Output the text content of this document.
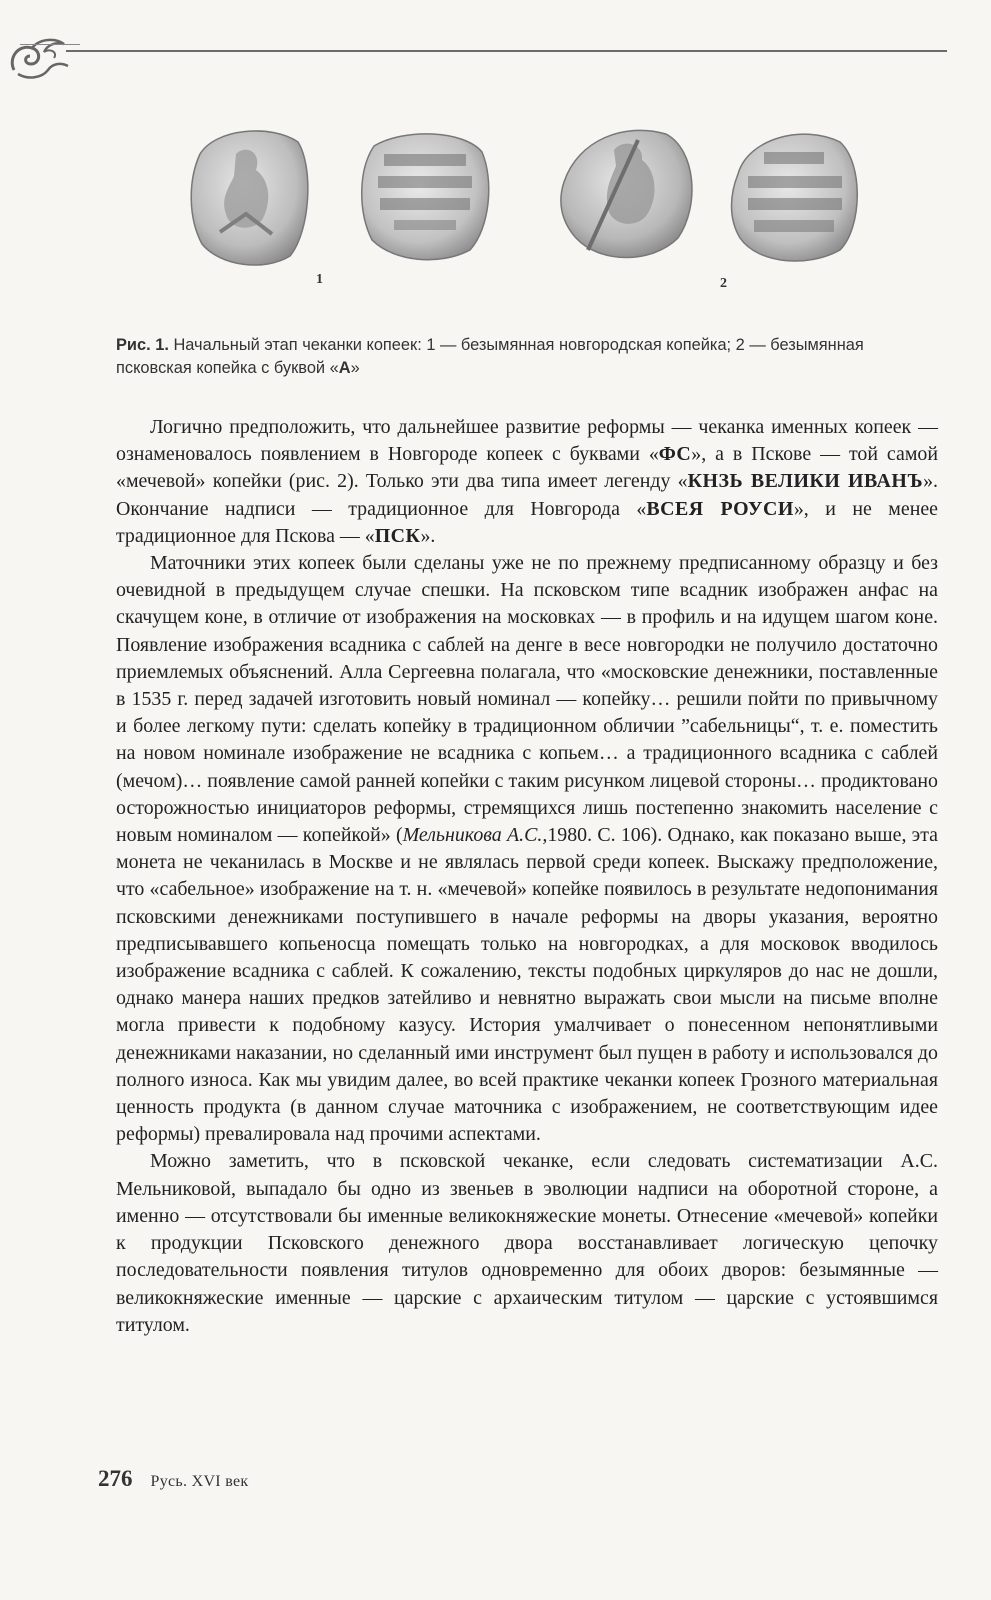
1	2
Рис. 1. Начальный этап чеканки копеек: 1 — безымянная новгородская копейка; 2 — безымянная псковская копейка с буквой «А»

Логично предположить, что дальнейшее развитие реформы — чеканка именных копеек — ознаменовалось появлением в Новгороде копеек с буквами «ФС», а в Пскове — той самой «мечевой» копейки (рис. 2). Только эти два типа имеет легенду «КНЗЬ ВЕЛИКИ ИВАНЪ». Окончание надписи — традиционное для Новгорода «ВСЕЯ РОУСИ», и не менее традиционное для Пскова — «ПСК».

Маточники этих копеек были сделаны уже не по прежнему предписанному образцу и без очевидной в предыдущем случае спешки. На псковском типе всадник изображен анфас на скачущем коне, в отличие от изображения на московках — в профиль и на идущем шагом коне. Появление изображения всадника с саблей на денге в весе новгородки не получило достаточно приемлемых объяснений. Алла Сергеевна полагала, что «московские денежники, поставленные в 1535 г. перед задачей изготовить новый номинал — копейку… решили пойти по привычному и более легкому пути: сделать копейку в традиционном обличии ”сабельницы“, т. е. поместить на новом номинале изображение не всадника с копьем… а традиционного всадника с саблей (мечом)… появление самой ранней копейки с таким рисунком лицевой стороны… продиктовано осторожностью инициаторов реформы, стремящихся лишь постепенно знакомить население с новым номиналом — копейкой» (Мельникова А.С.,1980. С. 106). Однако, как показано выше, эта монета не чеканилась в Москве и не являлась первой среди копеек. Выскажу предположение, что «сабельное» изображение на т. н. «мечевой» копейке появилось в результате недопонимания псковскими денежниками поступившего в начале реформы на дворы указания, вероятно предписывавшего копьеносца помещать только на новгородках, а для московок вводилось изображение всадника с саблей. К сожалению, тексты подобных циркуляров до нас не дошли, однако манера наших предков затейливо и невнятно выражать свои мысли на письме вполне могла привести к подобному казусу. История умалчивает о понесенном непонятливыми денежниками наказании, но сделанный ими инструмент был пущен в работу и использовался до полного износа. Как мы увидим далее, во всей практике чеканки копеек Грозного материальная ценность продукта (в данном случае маточника с изображением, не соответствующим идее реформы) превалировала над прочими аспектами.

Можно заметить, что в псковской чеканке, если следовать систематизации А.С. Мельниковой, выпадало бы одно из звеньев в эволюции надписи на оборотной стороне, а именно — отсутствовали бы именные великокняжеские монеты. Отнесение «мечевой» копейки к продукции Псковского денежного двора восстанавливает логическую цепочку последовательности появления титулов одновременно для обоих дворов: безымянные — великокняжеские именные — царские с архаическим титулом — царские с устоявшимся титулом.

276 Русь. XVI век
